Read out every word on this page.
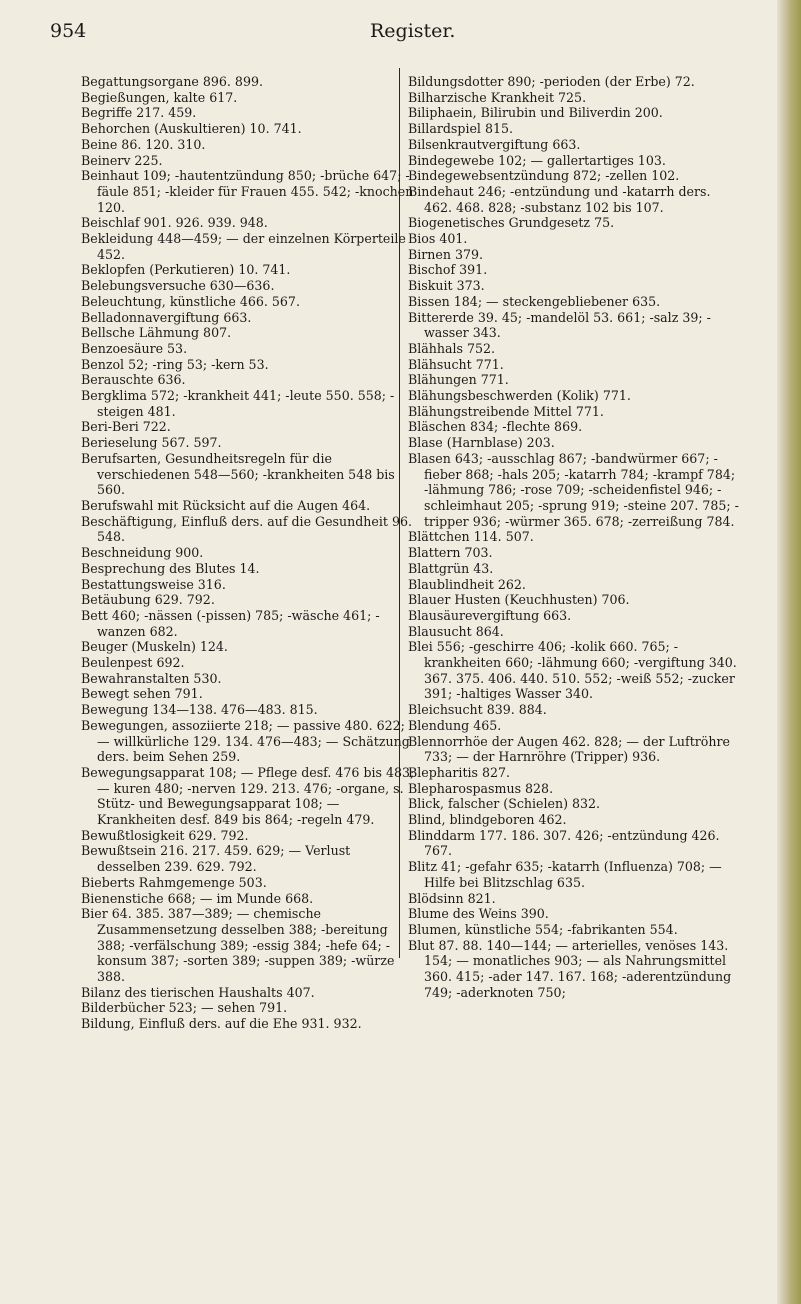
954	Register.
Begattungsorgane 896. 899.
Begießungen, kalte 617.
Begriffe 217. 459.
Behorchen (Auskultieren) 10. 741.
Beine 86. 120. 310.
Beinerv 225.
Beinhaut 109; -hautentzündung 850; -brüche 647; -fäule 851; -kleider für Frauen 455. 542; -knochen 120.
Beischlaf 901. 926. 939. 948.
Bekleidung 448—459; — der einzelnen Körperteile 452.
Beklopfen (Perkutieren) 10. 741.
Belebungsversuche 630—636.
Beleuchtung, künstliche 466. 567.
Belladonnavergiftung 663.
Bellsche Lähmung 807.
Benzoesäure 53.
Benzol 52; -ring 53; -kern 53.
Berauschte 636.
Bergklima 572; -krankheit 441; -leute 550. 558; -steigen 481.
Beri-Beri 722.
Berieselung 567. 597.
Berufsarten, Gesundheitsregeln für die verschiedenen 548—560; -krankheiten 548 bis 560.
Berufswahl mit Rücksicht auf die Augen 464.
Beschäftigung, Einfluß ders. auf die Gesundheit 96. 548.
Beschneidung 900.
Besprechung des Blutes 14.
Bestattungsweise 316.
Betäubung 629. 792.
Bett 460; -nässen (-pissen) 785; -wäsche 461; -wanzen 682.
Beuger (Muskeln) 124.
Beulenpest 692.
Bewahranstalten 530.
Bewegt sehen 791.
Bewegung 134—138. 476—483. 815.
Bewegungen, assoziierte 218; — passive 480. 622; — willkürliche 129. 134. 476—483; — Schätzung ders. beim Sehen 259.
Bewegungsapparat 108; — Pflege desf. 476 bis 483; — kuren 480; -nerven 129. 213. 476; -organe, s. Stütz- und Bewegungsapparat 108; — Krankheiten desf. 849 bis 864; -regeln 479.
Bewußtlosigkeit 629. 792.
Bewußtsein 216. 217. 459. 629; — Verlust desselben 239. 629. 792.
Bieberts Rahmgemenge 503.
Bienenstiche 668; — im Munde 668.
Bier 64. 385. 387—389; — chemische Zusammensetzung desselben 388; -bereitung 388; -verfälschung 389; -essig 384; -hefe 64; -konsum 387; -sorten 389; -suppen 389; -würze 388.
Bilanz des tierischen Haushalts 407.
Bilderbücher 523; — sehen 791.
Bildung, Einfluß ders. auf die Ehe 931. 932.
Bildungsdotter 890; -perioden (der Erbe) 72.
Bilharzische Krankheit 725.
Biliphaein, Bilirubin und Biliverdin 200.
Billardspiel 815.
Bilsenkrautvergiftung 663.
Bindegewebe 102; — gallertartiges 103.
Bindegewebsentzündung 872; -zellen 102.
Bindehaut 246; -entzündung und -katarrh ders. 462. 468. 828; -substanz 102 bis 107.
Biogenetisches Grundgesetz 75.
Bios 401.
Birnen 379.
Bischof 391.
Biskuit 373.
Bissen 184; — steckengebliebener 635.
Bittererde 39. 45; -mandelöl 53. 661; -salz 39; -wasser 343.
Blähhals 752.
Blähsucht 771.
Blähungen 771.
Blähungsbeschwerden (Kolik) 771.
Blähungstreibende Mittel 771.
Bläschen 834; -flechte 869.
Blase (Harnblase) 203.
Blasen 643; -ausschlag 867; -bandwürmer 667; -fieber 868; -hals 205; -katarrh 784; -krampf 784; -lähmung 786; -rose 709; -scheidenfistel 946; -schleimhaut 205; -sprung 919; -steine 207. 785; -tripper 936; -würmer 365. 678; -zerreißung 784.
Blättchen 114. 507.
Blattern 703.
Blattgrün 43.
Blaublindheit 262.
Blauer Husten (Keuchhusten) 706.
Blausäurevergiftung 663.
Blausucht 864.
Blei 556; -geschirre 406; -kolik 660. 765; -krankheiten 660; -lähmung 660; -vergiftung 340. 367. 375. 406. 440. 510. 552; -weiß 552; -zucker 391; -haltiges Wasser 340.
Bleichsucht 839. 884.
Blendung 465.
Blennorrhöe der Augen 462. 828; — der Luftröhre 733; — der Harnröhre (Tripper) 936.
Blepharitis 827.
Blepharospasmus 828.
Blick, falscher (Schielen) 832.
Blind, blindgeboren 462.
Blinddarm 177. 186. 307. 426; -entzündung 426. 767.
Blitz 41; -gefahr 635; -katarrh (Influenza) 708; — Hilfe bei Blitzschlag 635.
Blödsinn 821.
Blume des Weins 390.
Blumen, künstliche 554; -fabrikanten 554.
Blut 87. 88. 140—144; — arterielles, venöses 143. 154; — monatliches 903; — als Nahrungsmittel 360. 415; -ader 147. 167. 168; -aderentzündung 749; -aderknoten 750;
